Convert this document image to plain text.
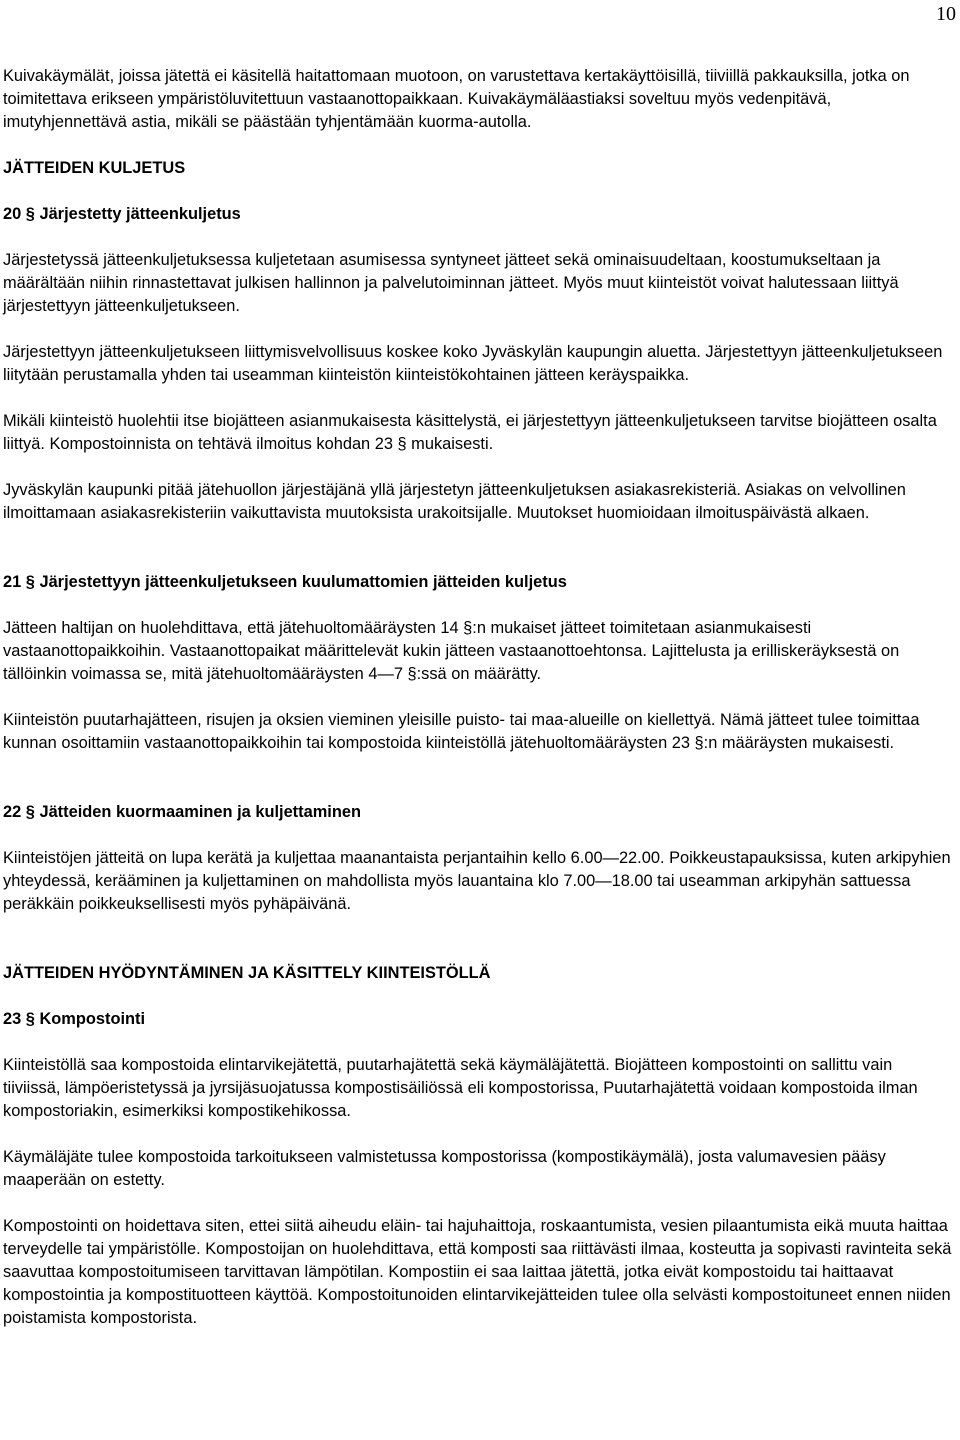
10

Kuivakäymälät, joissa jätettä ei käsitellä haitattomaan muotoon, on varustettava kertakäyttöisillä, tiiviillä pakkauksilla, jotka on toimitettava erikseen ympäristöluvitettuun vastaanottopaikkaan. Kuivakäymäläastiaksi soveltuu myös vedenpitävä, imutyhjennettävä astia, mikäli se päästään tyhjentämään kuorma-autolla.

JÄTTEIDEN KULJETUS
20 § Järjestetty jätteenkuljetus

Järjestetyssä jätteenkuljetuksessa kuljetetaan asumisessa syntyneet jätteet sekä ominaisuudeltaan, koostumukseltaan ja määrältään niihin rinnastettavat julkisen hallinnon ja palvelutoiminnan jätteet. Myös muut kiinteistöt voivat halutessaan liittyä järjestettyyn jätteenkuljetukseen.

Järjestettyyn jätteenkuljetukseen liittymisvelvollisuus koskee koko Jyväskylän kaupungin aluetta. Järjestettyyn jätteenkuljetukseen liitytään perustamalla yhden tai useamman kiinteistön kiinteistökohtainen jätteen keräyspaikka.

Mikäli kiinteistö huolehtii itse biojätteen asianmukaisesta käsittelystä, ei järjestettyyn jätteenkuljetukseen tarvitse biojätteen osalta liittyä. Kompostoinnista on tehtävä ilmoitus kohdan 23 § mukaisesti.

Jyväskylän kaupunki pitää jätehuollon järjestäjänä yllä järjestetyn jätteenkuljetuksen asiakasrekisteriä. Asiakas on velvollinen ilmoittamaan asiakasrekisteriin vaikuttavista muutoksista urakoitsijalle. Muutokset huomioidaan ilmoituspäivästä alkaen.

21 § Järjestettyyn jätteenkuljetukseen kuulumattomien jätteiden kuljetus

Jätteen haltijan on huolehdittava, että jätehuoltomääräysten 14 §:n mukaiset jätteet toimitetaan asianmukaisesti vastaanottopaikkoihin. Vastaanottopaikat määrittelevät kukin jätteen vastaanottoehtonsa. Lajittelusta ja erilliskeräyksestä on tällöinkin voimassa se, mitä jätehuoltomääräysten 4—7 §:ssä on määrätty.

Kiinteistön puutarhajätteen, risujen ja oksien vieminen yleisille puisto- tai maa-alueille on kiellettyä. Nämä jätteet tulee toimittaa kunnan osoittamiin vastaanottopaikkoihin tai kompostoida kiinteistöllä jätehuoltomääräysten 23 §:n määräysten mukaisesti.

22 § Jätteiden kuormaaminen ja kuljettaminen

Kiinteistöjen jätteitä on lupa kerätä ja kuljettaa maanantaista perjantaihin kello 6.00—22.00. Poikkeustapauksissa, kuten arkipyhien yhteydessä, kerääminen ja kuljettaminen on mahdollista myös lauantaina klo 7.00—18.00 tai useamman arkipyhän sattuessa peräkkäin poikkeuksellisesti myös pyhäpäivänä.

JÄTTEIDEN HYÖDYNTÄMINEN JA KÄSITTELY KIINTEISTÖLLÄ
23 § Kompostointi

Kiinteistöllä saa kompostoida elintarvikejätettä, puutarhajätettä sekä käymäläjätettä. Biojätteen kompostointi on sallittu vain tiiviissä, lämpöeristetyssä ja jyrsijäsuojatussa kompostisäiliössä eli kompostorissa, Puutarhajätettä voidaan kompostoida ilman kompostoriakin, esimerkiksi kompostikehikossa.

Käymäläjäte tulee kompostoida tarkoitukseen valmistetussa kompostorissa (kompostikäymälä), josta valumavesien pääsy maaperään on estetty.

Kompostointi on hoidettava siten, ettei siitä aiheudu eläin- tai hajuhaittoja, roskaantumista, vesien pilaantumista eikä muuta haittaa terveydelle tai ympäristölle. Kompostoijan on huolehdittava, että komposti saa riittävästi ilmaa, kosteutta ja sopivasti ravinteita sekä saavuttaa kompostoitumiseen tarvittavan lämpötilan. Kompostiin ei saa laittaa jätettä, jotka eivät kompostoidu tai haittaavat kompostointia ja kompostituotteen käyttöä. Kompostoitunoiden elintarvikejätteiden tulee olla selvästi kompostoituneet ennen niiden poistamista kompostorista.
